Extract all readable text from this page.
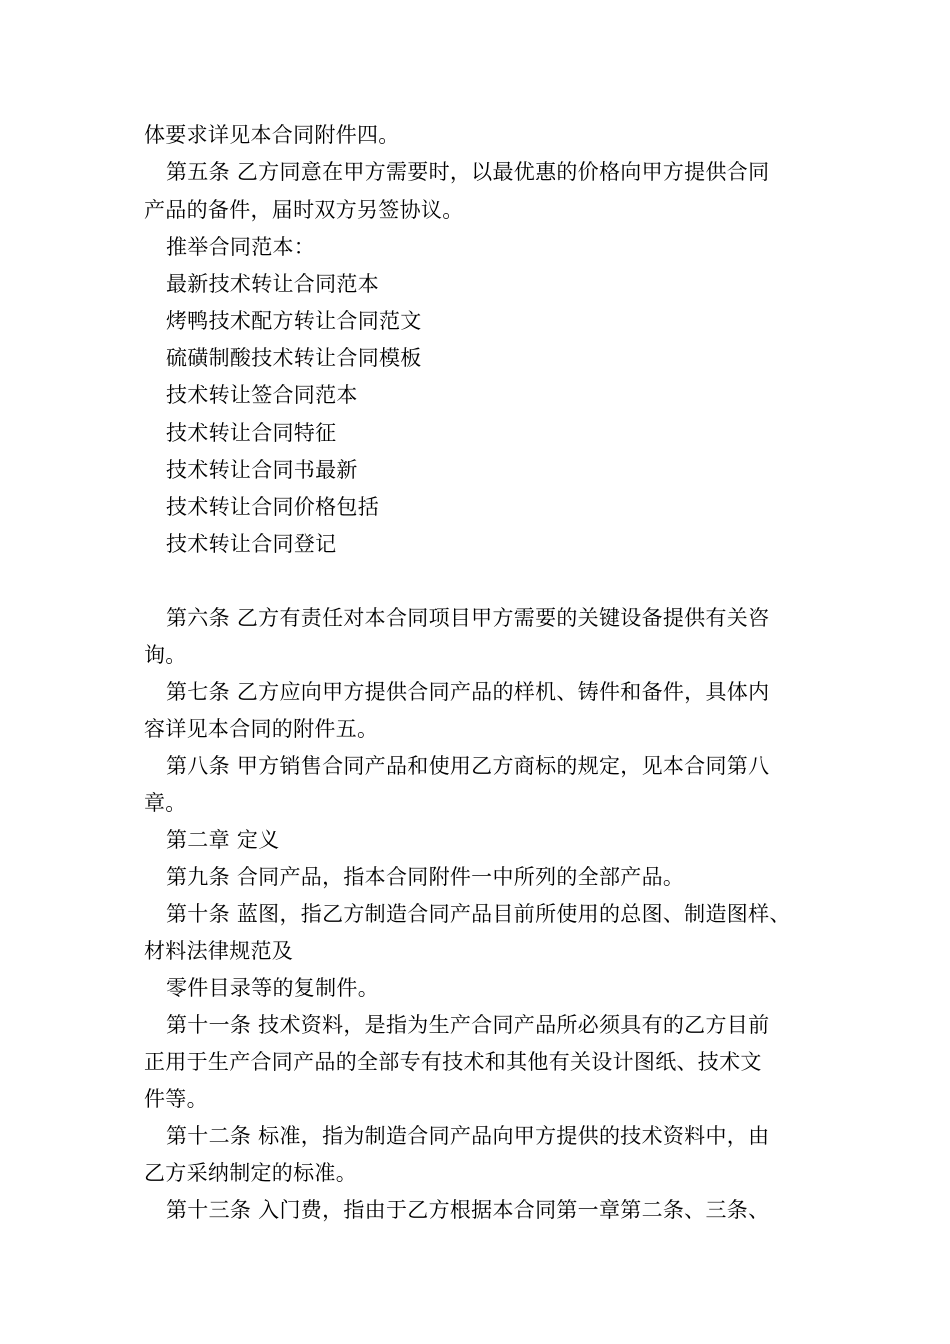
体要求详见本合同附件四。
第五条 乙方同意在甲方需要时，以最优惠的价格向甲方提供合同
产品的备件，届时双方另签协议。
推举合同范本：
最新技术转让合同范本
烤鸭技术配方转让合同范文
硫磺制酸技术转让合同模板
技术转让签合同范本
技术转让合同特征
技术转让合同书最新
技术转让合同价格包括
技术转让合同登记
第六条 乙方有责任对本合同项目甲方需要的关键设备提供有关咨
询。
第七条 乙方应向甲方提供合同产品的样机、铸件和备件，具体内
容详见本合同的附件五。
第八条 甲方销售合同产品和使用乙方商标的规定，见本合同第八
章。
第二章 定义
第九条 合同产品，指本合同附件一中所列的全部产品。
第十条 蓝图，指乙方制造合同产品目前所使用的总图、制造图样、
材料法律规范及
零件目录等的复制件。
第十一条 技术资料，是指为生产合同产品所必须具有的乙方目前
正用于生产合同产品的全部专有技术和其他有关设计图纸、技术文
件等。
第十二条 标准，指为制造合同产品向甲方提供的技术资料中，由
乙方采纳制定的标准。
第十三条 入门费，指由于乙方根据本合同第一章第二条、三条、
